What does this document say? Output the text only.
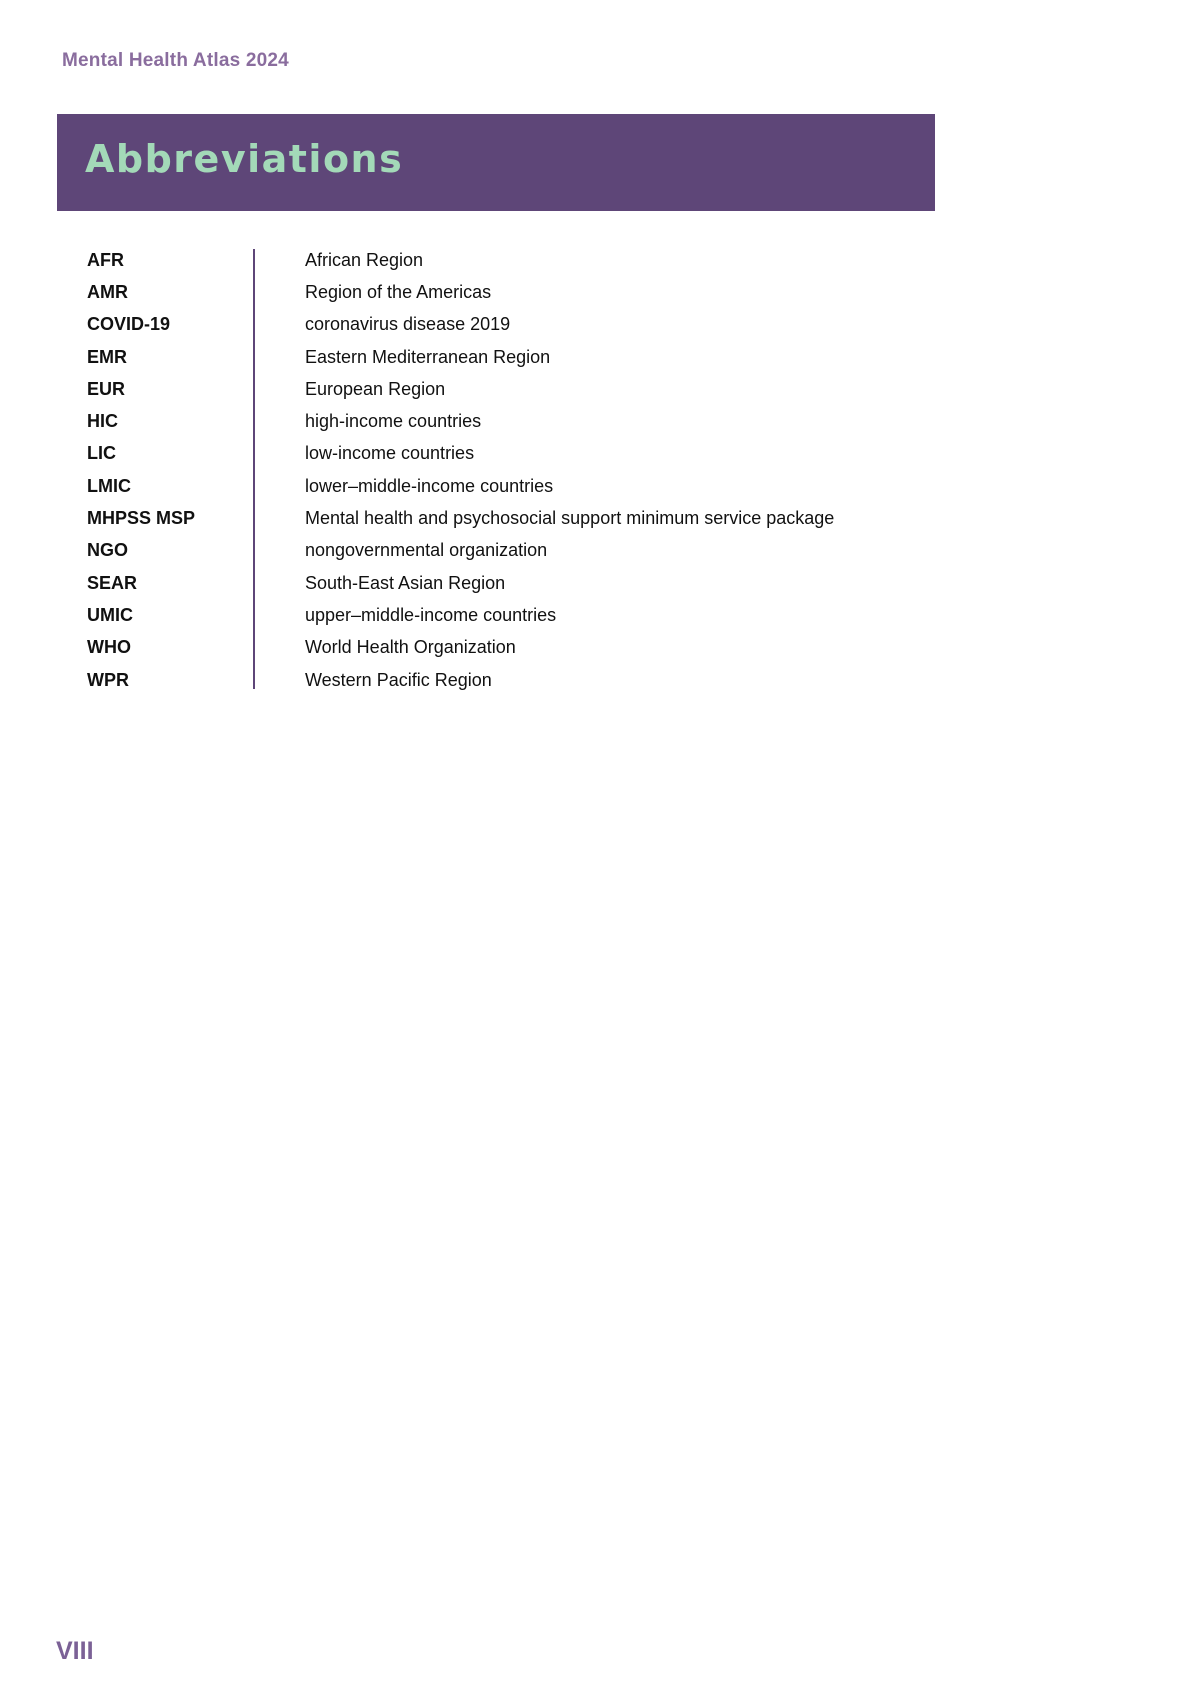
Mental Health Atlas 2024
Abbreviations
AFR	African Region
AMR	Region of the Americas
COVID-19	coronavirus disease 2019
EMR	Eastern Mediterranean Region
EUR	European Region
HIC	high-income countries
LIC	low-income countries
LMIC	lower–middle-income countries
MHPSS MSP	Mental health and psychosocial support minimum service package
NGO	nongovernmental organization
SEAR	South-East Asian Region
UMIC	upper–middle-income countries
WHO	World Health Organization
WPR	Western Pacific Region
VIII
